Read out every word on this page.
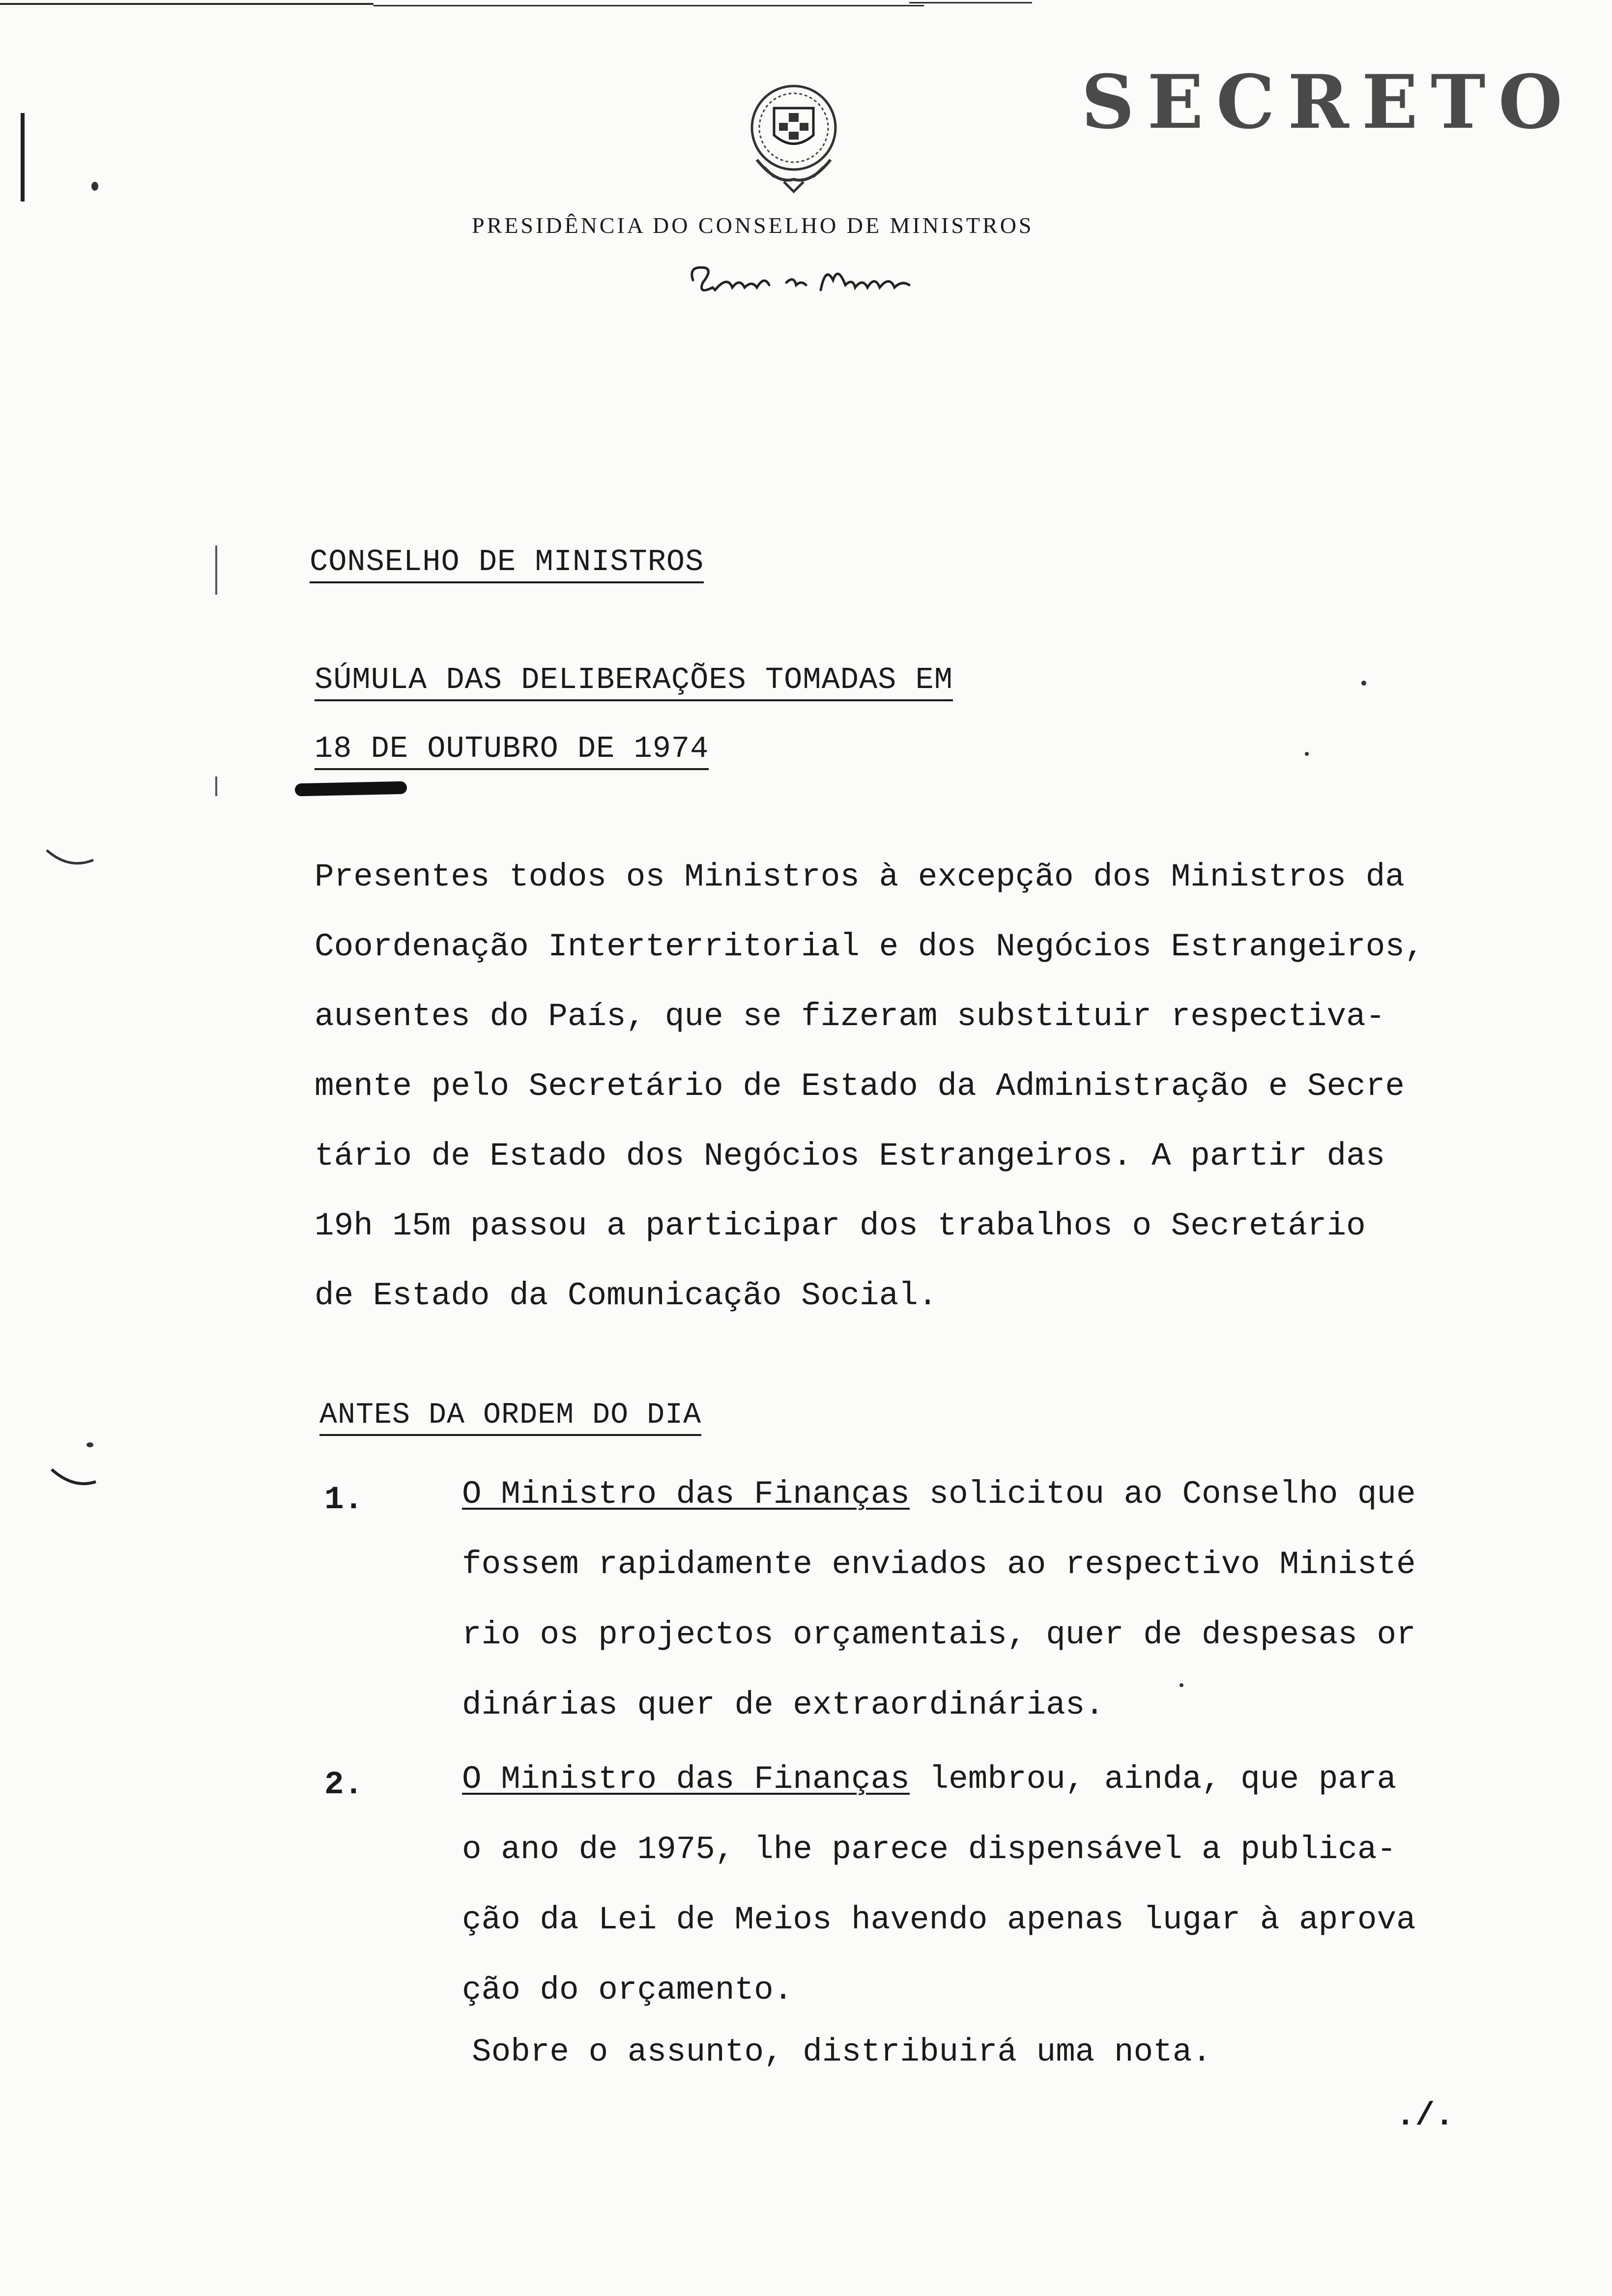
SECRETO
PRESIDÊNCIA DO CONSELHO DE MINISTROS
CONSELHO DE MINISTROS
SÚMULA DAS DELIBERAÇÕES TOMADAS EM
18 DE OUTUBRO DE 1974
Presentes todos os Ministros à excepção dos Ministros da
Coordenação Interterritorial e dos Negócios Estrangeiros,
ausentes do País, que se fizeram substituir respectiva-
mente pelo Secretário de Estado da Administração e Secre
tário de Estado dos Negócios Estrangeiros. A partir das
19h 15m passou a participar dos trabalhos o Secretário
de Estado da Comunicação Social.
ANTES DA ORDEM DO DIA
1.	O Ministro das Finanças solicitou ao Conselho que
fossem rapidamente enviados ao respectivo Ministé
rio os projectos orçamentais, quer de despesas or
dinárias quer de extraordinárias.
2.	O Ministro das Finanças lembrou, ainda, que para
o ano de 1975, lhe parece dispensável a publica-
ção da Lei de Meios havendo apenas lugar à aprova
ção do orçamento.
Sobre o assunto, distribuirá uma nota.
./.
